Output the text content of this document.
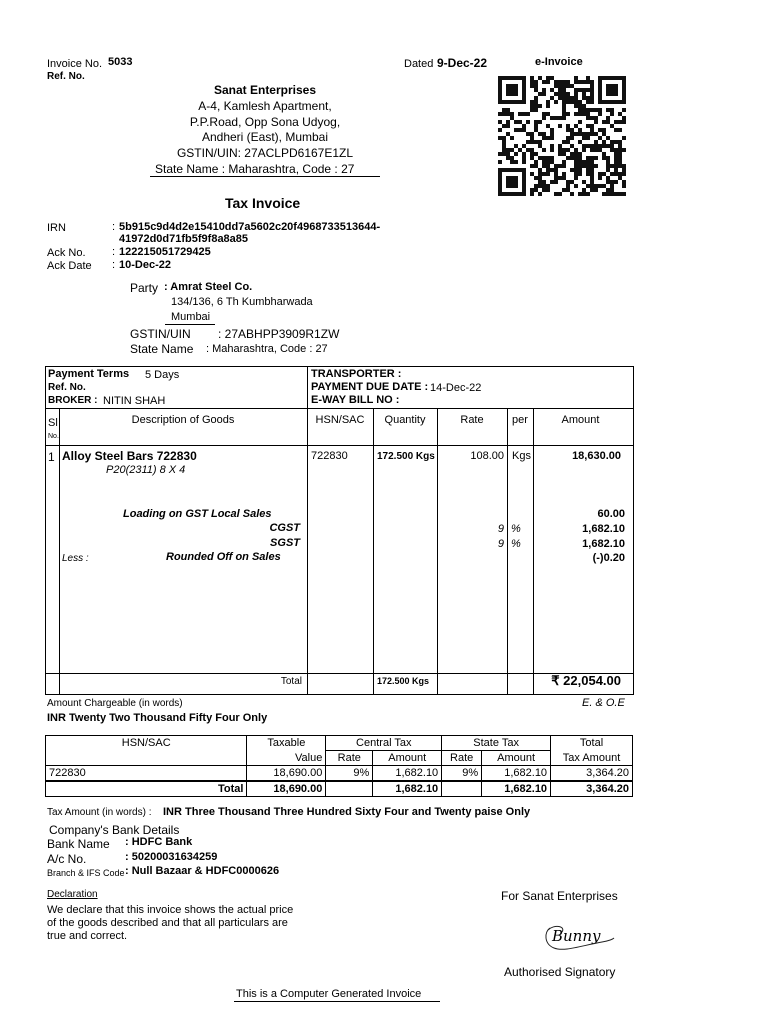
Invoice No. 5033
Ref. No.
Dated 9-Dec-22	e-Invoice
Sanat Enterprises
A-4, Kamlesh Apartment,
P.P.Road, Opp Sona Udyog,
Andheri (East), Mumbai
GSTIN/UIN: 27ACLPD6167E1ZL
State Name : Maharashtra, Code : 27
Tax Invoice
IRN	: 5b915c9d4d2e15410dd7a5602c20f4968733513644-
41972d0d71fb5f9f8a8a85
Ack No. : 122215051729425
Ack Date : 10-Dec-22
Party : Amrat Steel Co.
134/136, 6 Th Kumbharwada
Mumbai
GSTIN/UIN : 27ABHPP3909R1ZW
State Name : Maharashtra, Code : 27
Payment Terms 5 Days
Ref. No.
BROKER : NITIN SHAH
TRANSPORTER :
PAYMENT DUE DATE : 14-Dec-22
E-WAY BILL NO :
Sl
No.
Description of Goods	HSN/SAC	Quantity	Rate	per	Amount
1 Alloy Steel Bars 722830
P20(2311) 8 X 4
722830	172.500 Kgs	108.00 Kgs	18,630.00
Loading on GST Local Sales	60.00
CGST	9 %	1,682.10
SGST	9 %	1,682.10
Less :	Rounded Off on Sales	(-)0.20
Total	172.500 Kgs	₹ 22,054.00
Amount Chargeable (in words)	E. & O.E
INR Twenty Two Thousand Fifty Four Only
HSN/SAC	Taxable	Central Tax		State Tax		Total
	Value	Rate	Amount	Rate	Amount	Tax Amount
722830	18,690.00	9%	1,682.10	9%	1,682.10	3,364.20
Total	18,690.00		1,682.10		1,682.10	3,364.20
Tax Amount (in words) : INR Three Thousand Three Hundred Sixty Four and Twenty paise Only
Company's Bank Details
Bank Name : HDFC Bank
A/c No.	: 50200031634259
Branch & IFS Code : Null Bazaar & HDFC0000626
Declaration
We declare that this invoice shows the actual price
of the goods described and that all particulars are
true and correct.
For Sanat Enterprises
Bunny
Authorised Signatory
This is a Computer Generated Invoice
